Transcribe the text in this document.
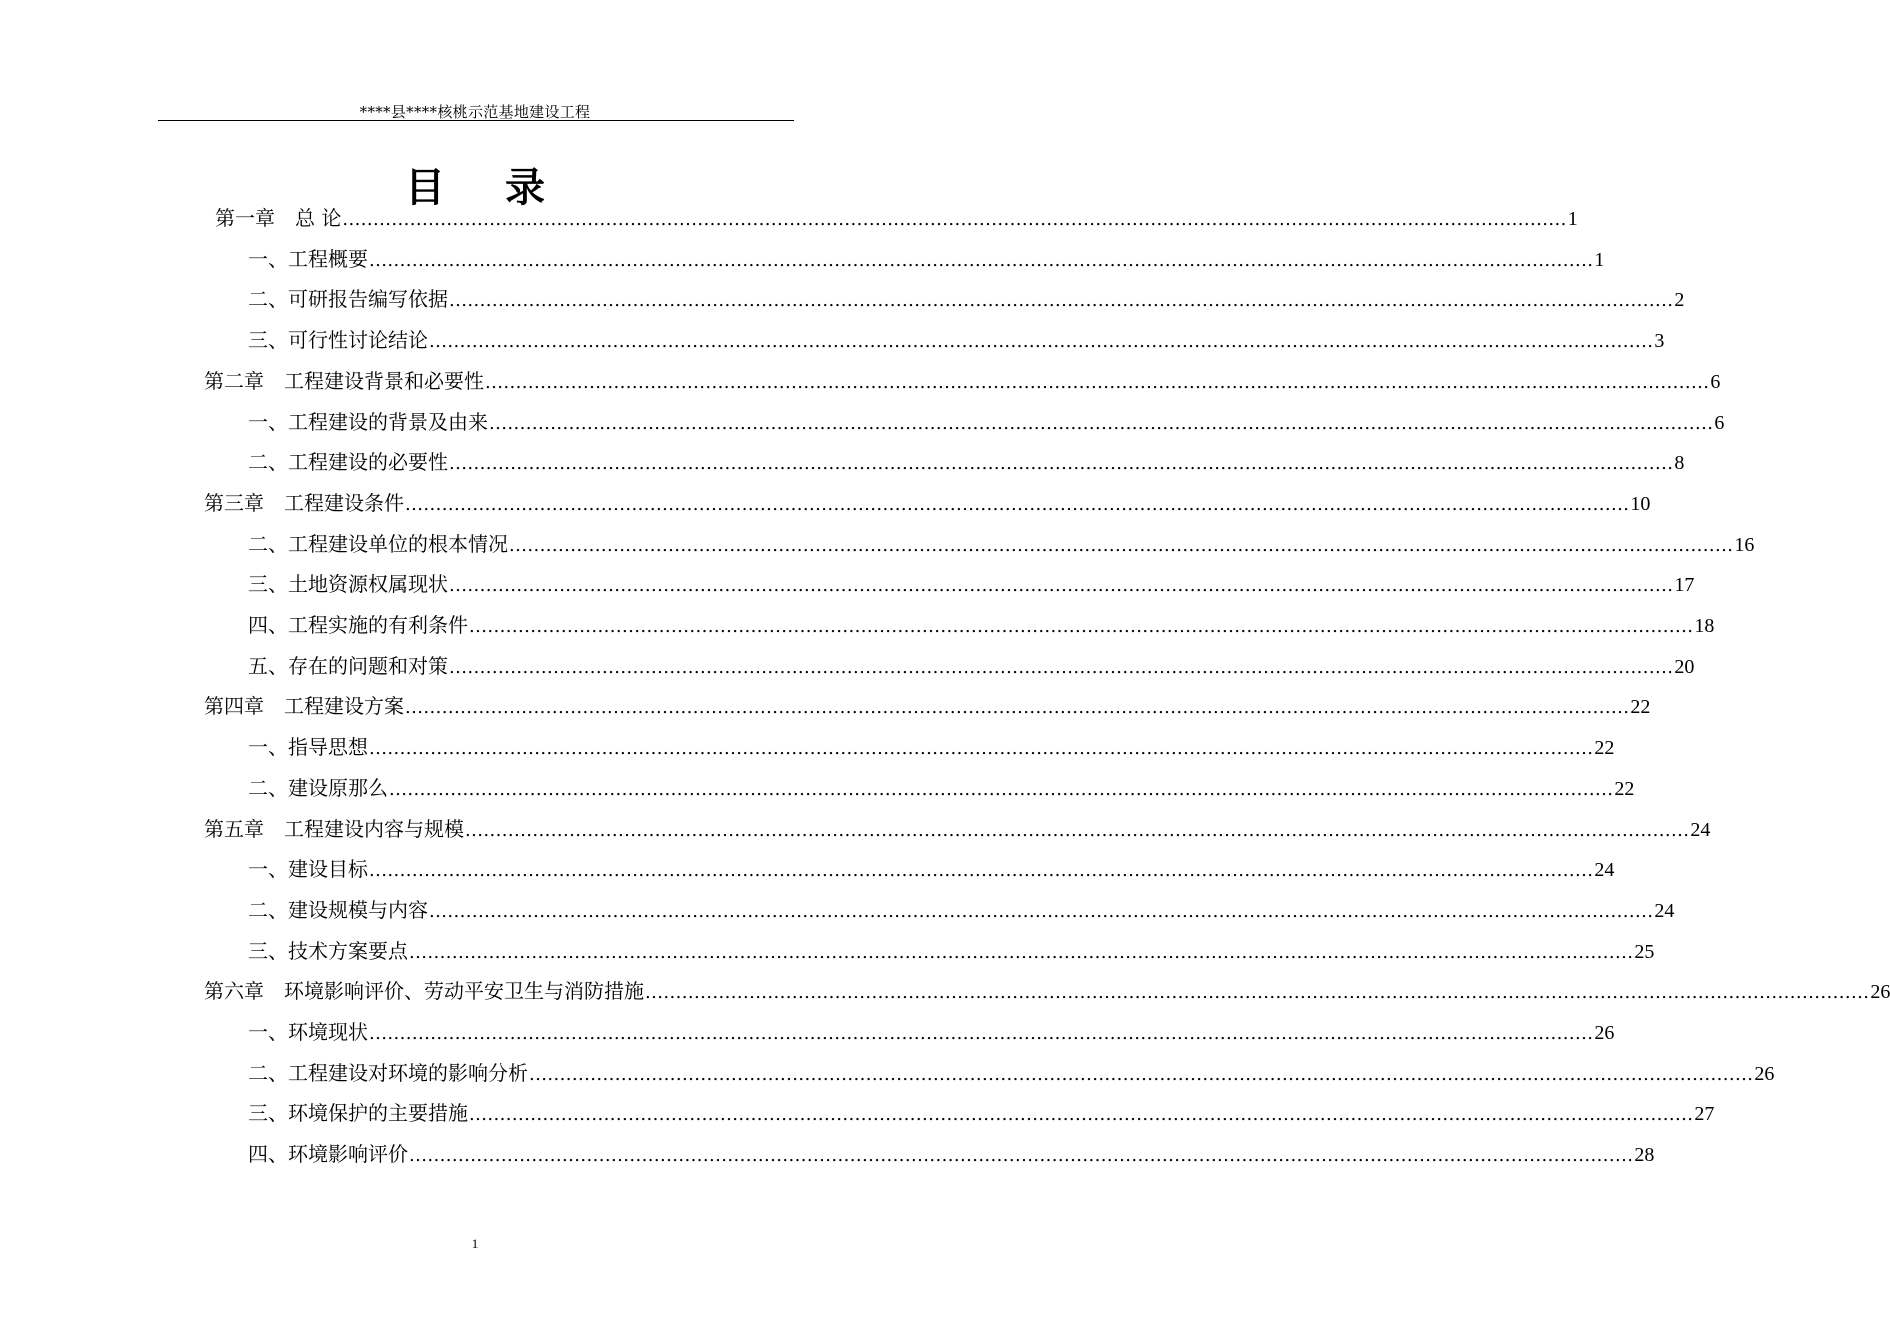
****县****核桃示范基地建设工程
目录
第一章　总 论 ........................................................................................................................................................................................................ 1
一、工程概要 ........................................................................................................................................................................................................ 1
二、可研报告编写依据 ........................................................................................................................................................................................................ 2
三、可行性讨论结论 ........................................................................................................................................................................................................ 3
第二章　工程建设背景和必要性 ........................................................................................................................................................................................................ 6
一、工程建设的背景及由来 ........................................................................................................................................................................................................ 6
二、工程建设的必要性 ........................................................................................................................................................................................................ 8
第三章　工程建设条件 ........................................................................................................................................................................................................ 10
二、工程建设单位的根本情况 ........................................................................................................................................................................................................ 16
三、土地资源权属现状 ........................................................................................................................................................................................................ 17
四、工程实施的有利条件 ........................................................................................................................................................................................................ 18
五、存在的问题和对策 ........................................................................................................................................................................................................ 20
第四章　工程建设方案 ........................................................................................................................................................................................................ 22
一、指导思想 ........................................................................................................................................................................................................ 22
二、建设原那么 ........................................................................................................................................................................................................ 22
第五章　工程建设内容与规模 ........................................................................................................................................................................................................ 24
一、建设目标 ........................................................................................................................................................................................................ 24
二、建设规模与内容 ........................................................................................................................................................................................................ 24
三、技术方案要点 ........................................................................................................................................................................................................ 25
第六章　环境影响评价、劳动平安卫生与消防措施 ........................................................................................................................................................................................................ 26
一、环境现状 ........................................................................................................................................................................................................ 26
二、工程建设对环境的影响分析 ........................................................................................................................................................................................................ 26
三、环境保护的主要措施 ........................................................................................................................................................................................................ 27
四、环境影响评价 ........................................................................................................................................................................................................ 28
1
